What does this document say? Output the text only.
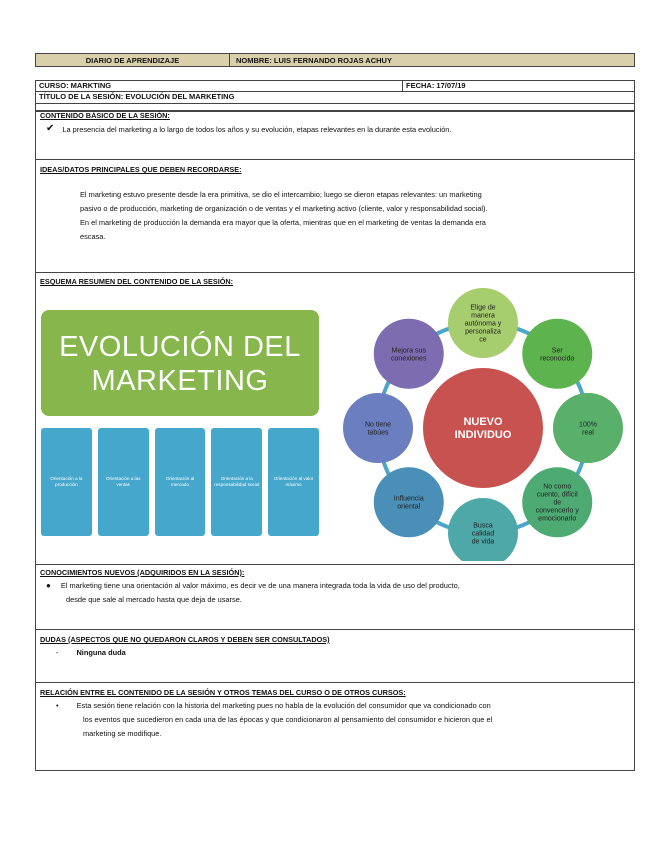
DIARIO DE APRENDIZAJE	NOMBRE: LUIS FERNANDO ROJAS ACHUY
CURSO: MARKTING	FECHA: 17/07/19
TÍTULO DE LA SESIÓN: EVOLUCIÓN DEL MARKETING
CONTENIDO BÁSICO DE LA SESIÓN:
✔ La presencia del marketing a lo largo de todos los años y su evolución, etapas relevantes en la durante esta evolución.
IDEAS/DATOS PRINCIPALES QUE DEBEN RECORDARSE:
El marketing estuvo presente desde la era primitiva, se dio el intercambio; luego se dieron etapas relevantes: un marketing
pasivo o de producción, marketing de organización o de ventas y el marketing activo (cliente, valor y responsabilidad social).
En el marketing de producción la demanda era mayor que la oferta, mientras que en el marketing de ventas la demanda era
escasa.
ESQUEMA RESUMEN DEL CONTENIDO DE LA SESIÓN:
EVOLUCIÓN DEL
MARKETING
Orientación a la producción
Orientación a las ventas
Orientación al mercado
Orientación a la responsabilidad social
Orientación al valor máximo
NUEVO
INDIVIDUO
Elige de
manera
autónoma y
personaliza
ce
Ser
reconocido
100%
real
No como
cuento, difícil
de
convencerlo y
emocionarlo
Busca
calidad
de vida
Influencia
oriental
No tiene
tabúes
Mejora sus
conexiones
CONOCIMIENTOS NUEVOS (ADQUIRIDOS EN LA SESIÓN):
● El marketing tiene una orientación al valor máximo, es decir ve de una manera integrada toda la vida de uso del producto,
desde que sale al mercado hasta que deja de usarse.
DUDAS (ASPECTOS QUE NO QUEDARON CLAROS Y DEBEN SER CONSULTADOS)
- Ninguna duda
RELACIÓN ENTRE EL CONTENIDO DE LA SESIÓN Y OTROS TEMAS DEL CURSO O DE OTROS CURSOS:
• Esta sesión tiene relación con la historia del marketing pues no habla de la evolución del consumidor que va condicionado con
los eventos que sucedieron en cada una de las épocas y que condicionaron al pensamiento del consumidor e hicieron que el
marketing se modifique.
